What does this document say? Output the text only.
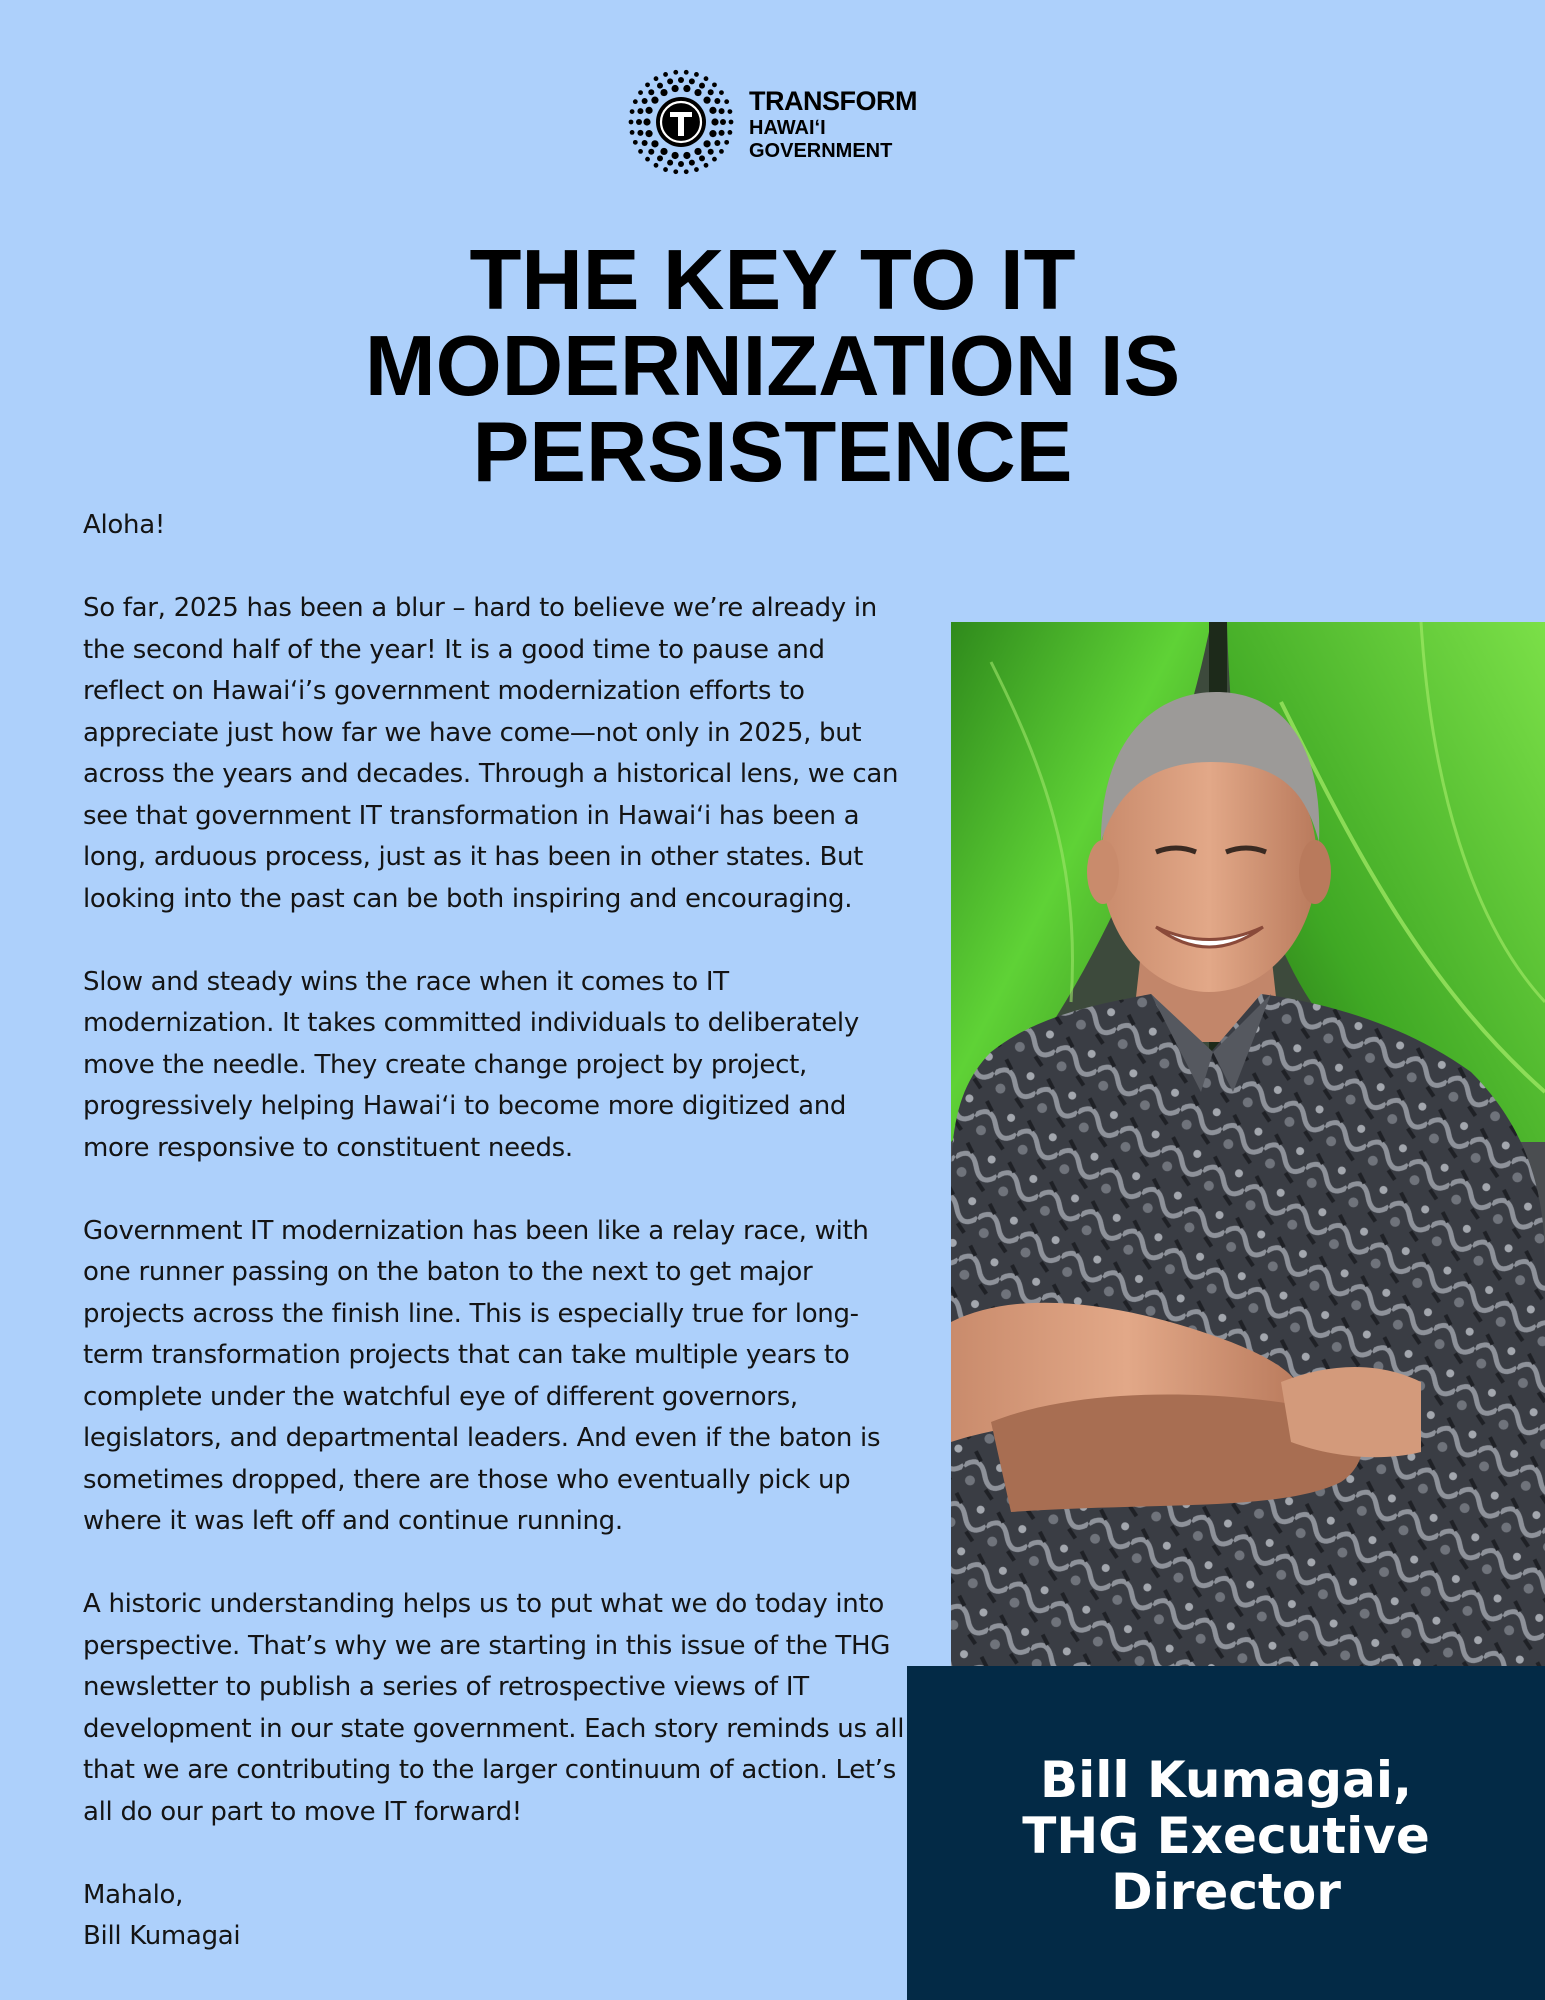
TRANSFORM
HAWAIʻI
GOVERNMENT
THE KEY TO IT
MODERNIZATION IS
PERSISTENCE

Aloha!

So far, 2025 has been a blur – hard to believe we’re already in the second half of the year! It is a good time to pause and reflect on Hawaiʻi’s government modernization efforts to appreciate just how far we have come—not only in 2025, but across the years and decades. Through a historical lens, we can see that government IT transformation in Hawaiʻi has been a long, arduous process, just as it has been in other states. But looking into the past can be both inspiring and encouraging.

Slow and steady wins the race when it comes to IT modernization. It takes committed individuals to deliberately move the needle. They create change project by project, progressively helping Hawaiʻi to become more digitized and more responsive to constituent needs.

Government IT modernization has been like a relay race, with one runner passing on the baton to the next to get major projects across the finish line. This is especially true for long-term transformation projects that can take multiple years to complete under the watchful eye of different governors, legislators, and departmental leaders. And even if the baton is sometimes dropped, there are those who eventually pick up where it was left off and continue running.

A historic understanding helps us to put what we do today into perspective. That’s why we are starting in this issue of the THG newsletter to publish a series of retrospective views of IT development in our state government. Each story reminds us all that we are contributing to the larger continuum of action. Let’s all do our part to move IT forward!

Mahalo,

Bill Kumagai

Bill Kumagai,
THG Executive
Director
